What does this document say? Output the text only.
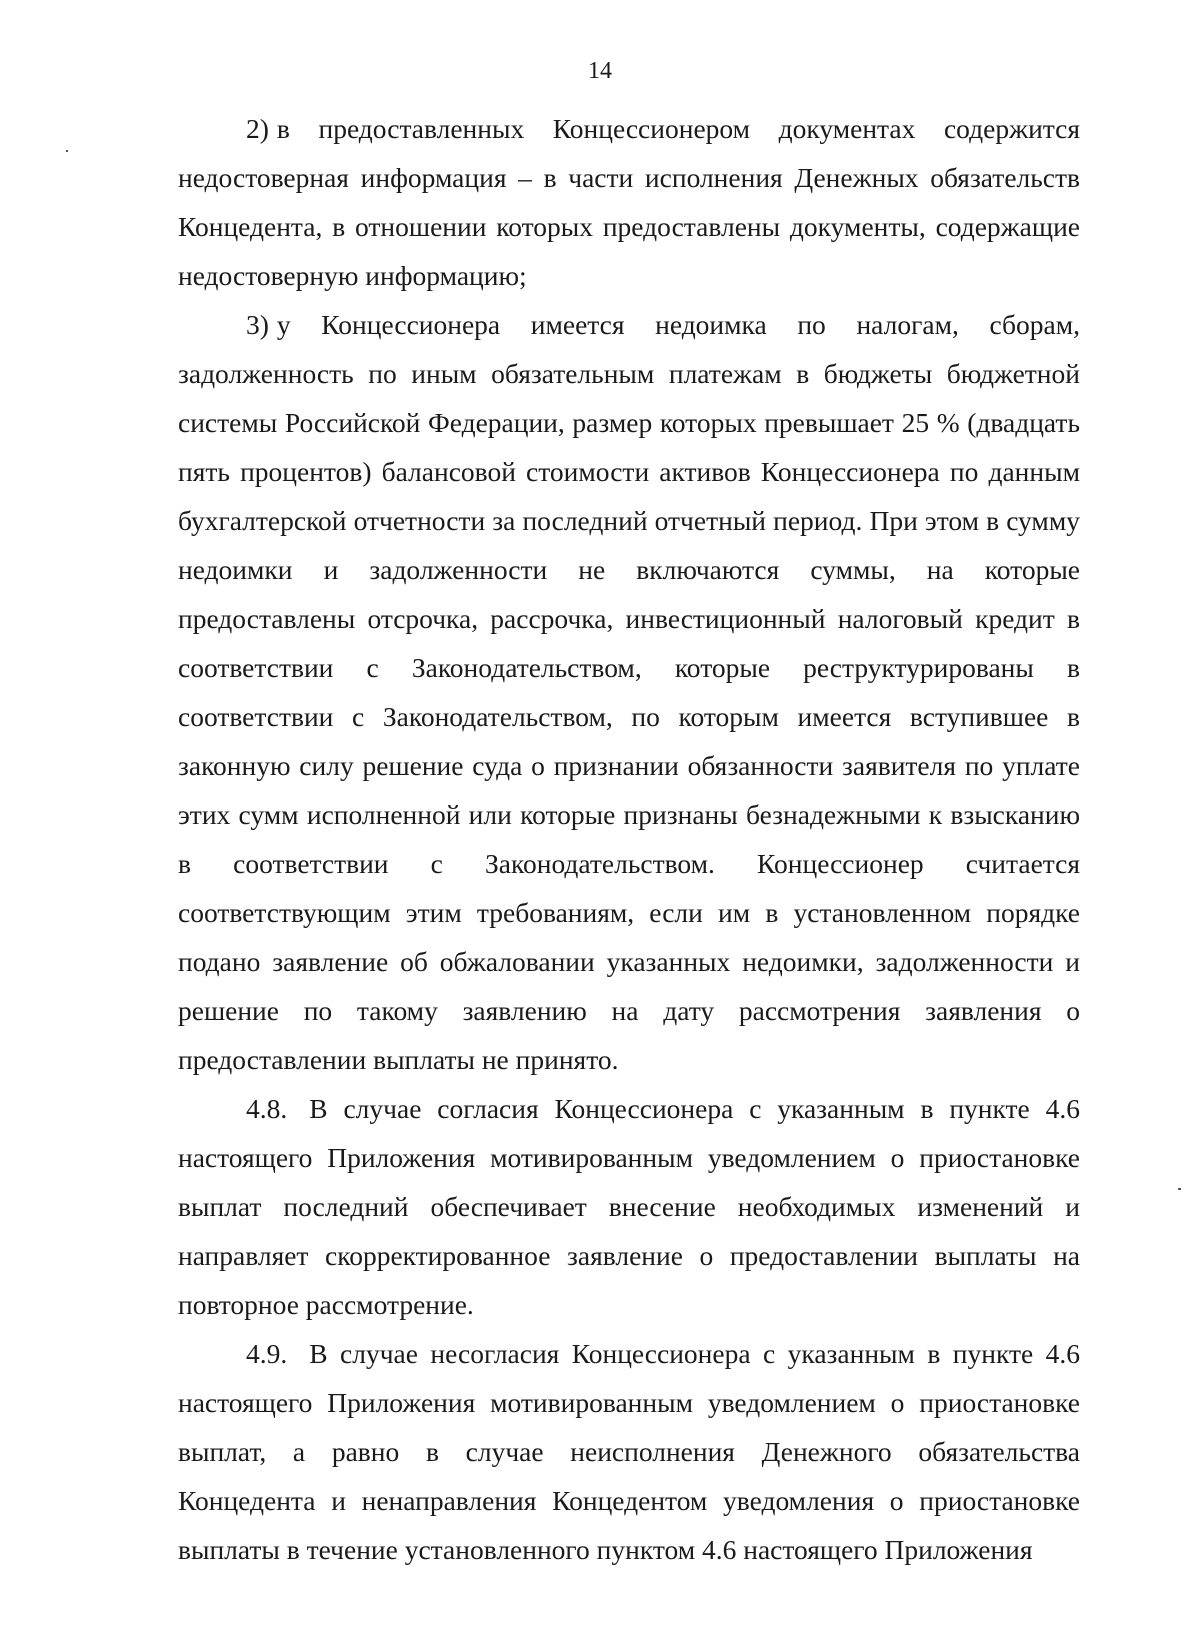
14

2) в предоставленных Концессионером документах содержится недостоверная информация – в части исполнения Денежных обязательств Концедента, в отношении которых предоставлены документы, содержащие недостоверную информацию;

3) у Концессионера имеется недоимка по налогам, сборам, задолженность по иным обязательным платежам в бюджеты бюджетной системы Российской Федерации, размер которых превышает 25 % (двадцать пять процентов) балансовой стоимости активов Концессионера по данным бухгалтерской отчетности за последний отчетный период. При этом в сумму недоимки и задолженности не включаются суммы, на которые предоставлены отсрочка, рассрочка, инвестиционный налоговый кредит в соответствии с Законодательством, которые реструктурированы в соответствии с Законодательством, по которым имеется вступившее в законную силу решение суда о признании обязанности заявителя по уплате этих сумм исполненной или которые признаны безнадежными к взысканию в соответствии с Законодательством. Концессионер считается соответствующим этим требованиям, если им в установленном порядке подано заявление об обжаловании указанных недоимки, задолженности и решение по такому заявлению на дату рассмотрения заявления о предоставлении выплаты не принято.

4.8. В случае согласия Концессионера с указанным в пункте 4.6 настоящего Приложения мотивированным уведомлением о приостановке выплат последний обеспечивает внесение необходимых изменений и направляет скорректированное заявление о предоставлении выплаты на повторное рассмотрение.

4.9. В случае несогласия Концессионера с указанным в пункте 4.6 настоящего Приложения мотивированным уведомлением о приостановке выплат, а равно в случае неисполнения Денежного обязательства Концедента и ненаправления Концедентом уведомления о приостановке выплаты в течение установленного пунктом 4.6 настоящего Приложения
